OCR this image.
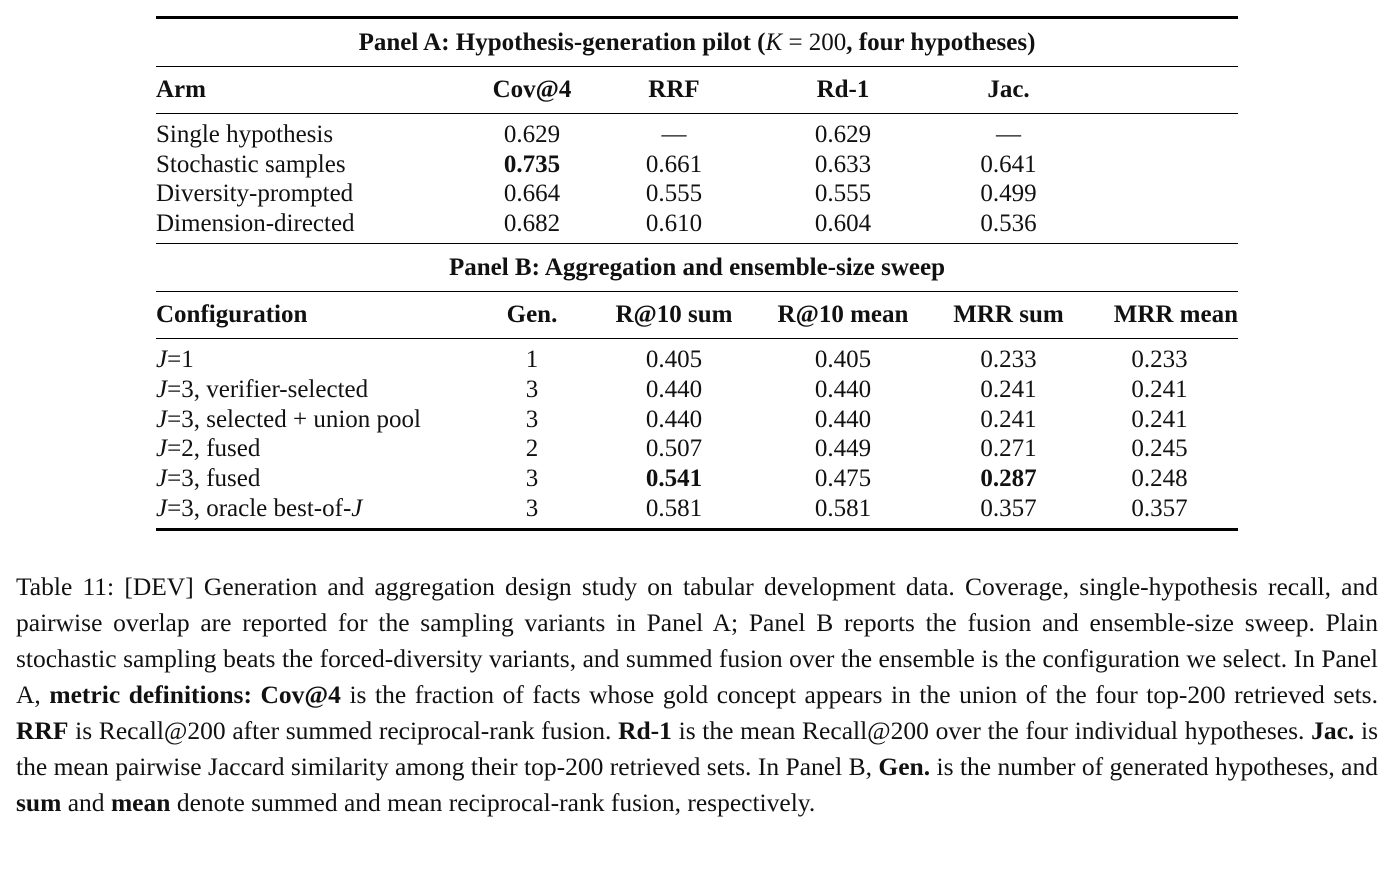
Panel A: Hypothesis-generation pilot (K = 200, four hypotheses)					
Arm	Cov@4	RRF	Rd-1	Jac.	
Single hypothesis	0.629	—	0.629	—	
Stochastic samples	0.735	0.661	0.633	0.641	
Diversity-prompted	0.664	0.555	0.555	0.499	
Dimension-directed	0.682	0.610	0.604	0.536	
Panel B: Aggregation and ensemble-size sweep					
Configuration	Gen.	R@10 sum	R@10 mean	MRR sum	MRR mean
J=1	1	0.405	0.405	0.233	0.233
J=3, verifier-selected	3	0.440	0.440	0.241	0.241
J=3, selected + union pool	3	0.440	0.440	0.241	0.241
J=2, fused	2	0.507	0.449	0.271	0.245
J=3, fused	3	0.541	0.475	0.287	0.248
J=3, oracle best-of-J	3	0.581	0.581	0.357	0.357
Table 11: [DEV] Generation and aggregation design study on tabular development data. Coverage, single-hypothesis recall, and pairwise overlap are reported for the sampling variants in Panel A; Panel B reports the fusion and ensemble-size sweep. Plain stochastic sampling beats the forced-diversity variants, and summed fusion over the ensemble is the configuration we select. In Panel A, metric definitions: Cov@4 is the fraction of facts whose gold concept appears in the union of the four top-200 retrieved sets. RRF is Recall@200 after summed reciprocal-rank fusion. Rd-1 is the mean Recall@200 over the four individual hypotheses. Jac. is the mean pairwise Jaccard similarity among their top-200 retrieved sets. In Panel B, Gen. is the number of generated hypotheses, and sum and mean denote summed and mean reciprocal-rank fusion, respectively.
